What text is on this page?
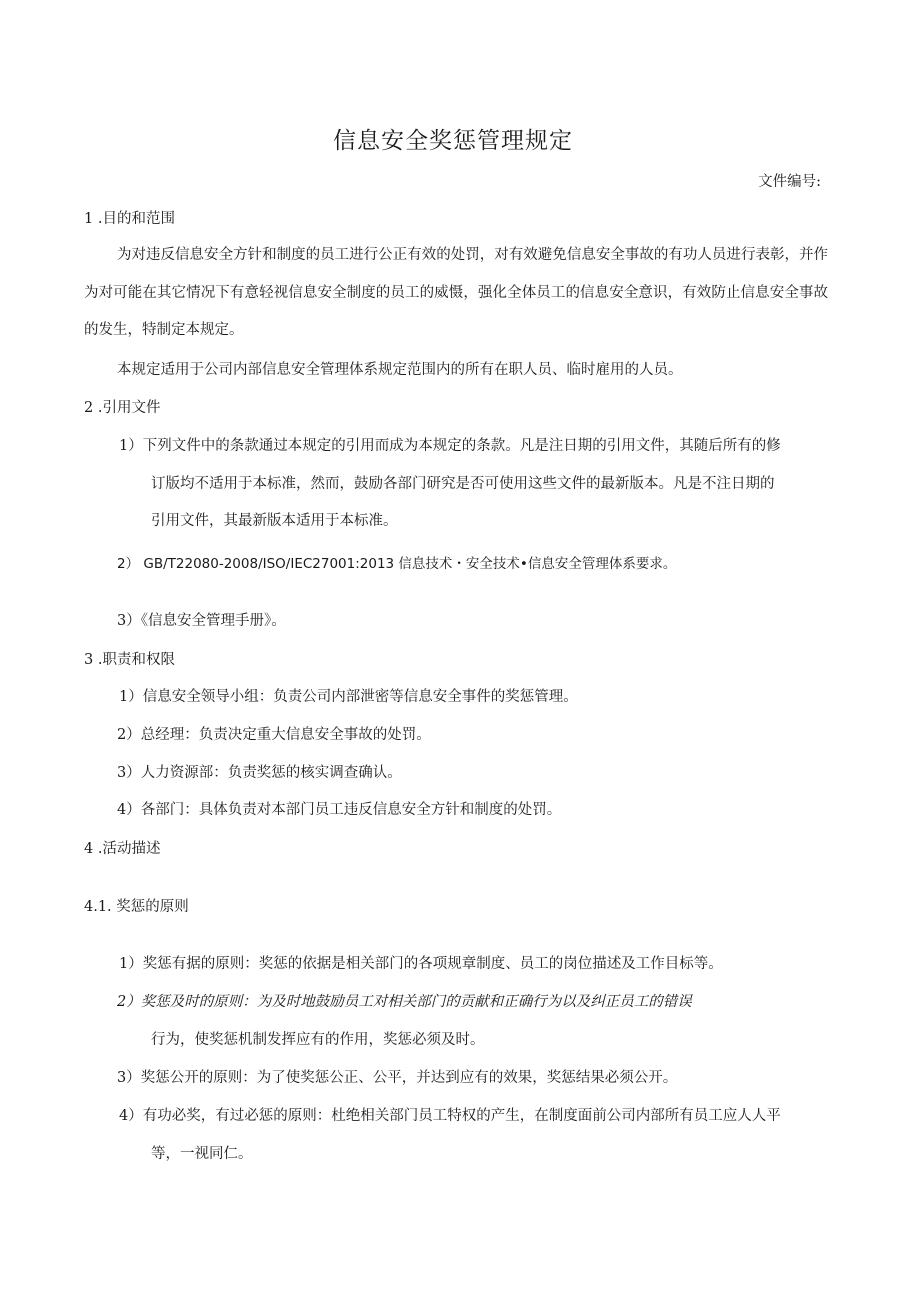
信息安全奖惩管理规定
文件编号:
1 .目的和范围

为对违反信息安全方针和制度的员工进行公正有效的处罚，对有效避免信息安全事故的有功人员进行表彰，并作为对可能在其它情况下有意轻视信息安全制度的员工的威慑，强化全体员工的信息安全意识，有效防止信息安全事故的发生，特制定本规定。

本规定适用于公司内部信息安全管理体系规定范围内的所有在职人员、临时雇用的人员。
2 .引用文件
1）下列文件中的条款通过本规定的引用而成为本规定的条款。凡是注日期的引用文件，其随后所有的修
订版均不适用于本标准，然而，鼓励各部门研究是否可使用这些文件的最新版本。凡是不注日期的
引用文件，其最新版本适用于本标准。
2） GB/T22080-2008/ISO/IEC27001:2013 信息技术・安全技术•信息安全管理体系要求。
3）《信息安全管理手册》。
3 .职责和权限
1）信息安全领导小组：负责公司内部泄密等信息安全事件的奖惩管理。
2）总经理：负责决定重大信息安全事故的处罚。
3）人力资源部：负责奖惩的核实调查确认。
4）各部门：具体负责对本部门员工违反信息安全方针和制度的处罚。
4 .活动描述
4.1. 奖惩的原则
1）奖惩有据的原则：奖惩的依据是相关部门的各项规章制度、员工的岗位描述及工作目标等。
2）奖惩及时的原则：为及时地鼓励员工对相关部门的贡献和正确行为以及纠正员工的错误
行为，使奖惩机制发挥应有的作用，奖惩必须及时。
3）奖惩公开的原则：为了使奖惩公正、公平，并达到应有的效果，奖惩结果必须公开。
4）有功必奖，有过必惩的原则：杜绝相关部门员工特权的产生，在制度面前公司内部所有员工应人人平
等，一视同仁。
